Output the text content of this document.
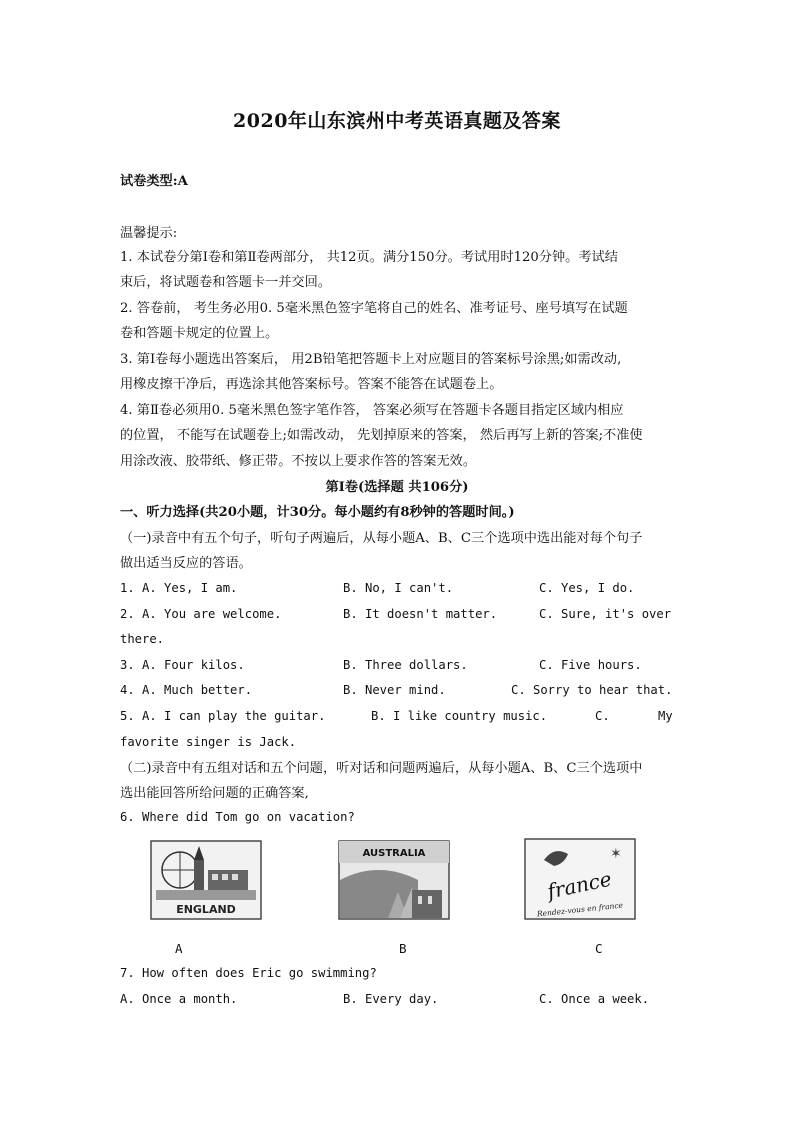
2020年山东滨州中考英语真题及答案
试卷类型:A
温馨提示:
1. 本试卷分第Ⅰ卷和第Ⅱ卷两部分， 共12页。满分150分。考试用时120分钟。考试结
束后，将试题卷和答题卡一并交回。
2. 答卷前， 考生务必用0. 5毫米黑色签字笔将自己的姓名、准考证号、座号填写在试题
卷和答题卡规定的位置上。
3. 第Ⅰ卷每小题选出答案后， 用2B铅笔把答题卡上对应题目的答案标号涂黑;如需改动,
用橡皮擦干净后，再选涂其他答案标号。答案不能答在试题卷上。
4. 第Ⅱ卷必须用0. 5毫米黑色签字笔作答， 答案必须写在答题卡各题目指定区域内相应
的位置， 不能写在试题卷上;如需改动， 先划掉原来的答案， 然后再写上新的答案;不准使
用涂改液、胶带纸、修正带。不按以上要求作答的答案无效。
第Ⅰ卷(选择题 共106分)
一、听力选择(共20小题，计30分。每小题约有8秒钟的答题时间。)
（一)录音中有五个句子，听句子两遍后，从每小题A、B、C三个选项中选出能对每个句子
做出适当反应的答语。
1. A. Yes, I am.	B. No, I can't.	C. Yes, I do.
2. A. You are welcome.	B. It doesn't matter.	C. Sure, it's over
there.
3. A. Four kilos.	B. Three dollars.	C. Five hours.
4. A. Much better.	B. Never mind.	C. Sorry to hear that.
5. A. I can play the guitar.	B. I like country music.	C.	My
favorite singer is Jack.
（二)录音中有五组对话和五个问题，听对话和问题两遍后，从每小题A、B、C三个选项中
选出能回答所给问题的正确答案,
6. Where did Tom go on vacation?
ENGLAND
AUSTRALIA	✶
france
Rendez-vous en france
A	B	C
7. How often does Eric go swimming?
A. Once a month.	B. Every day.	C. Once a week.
